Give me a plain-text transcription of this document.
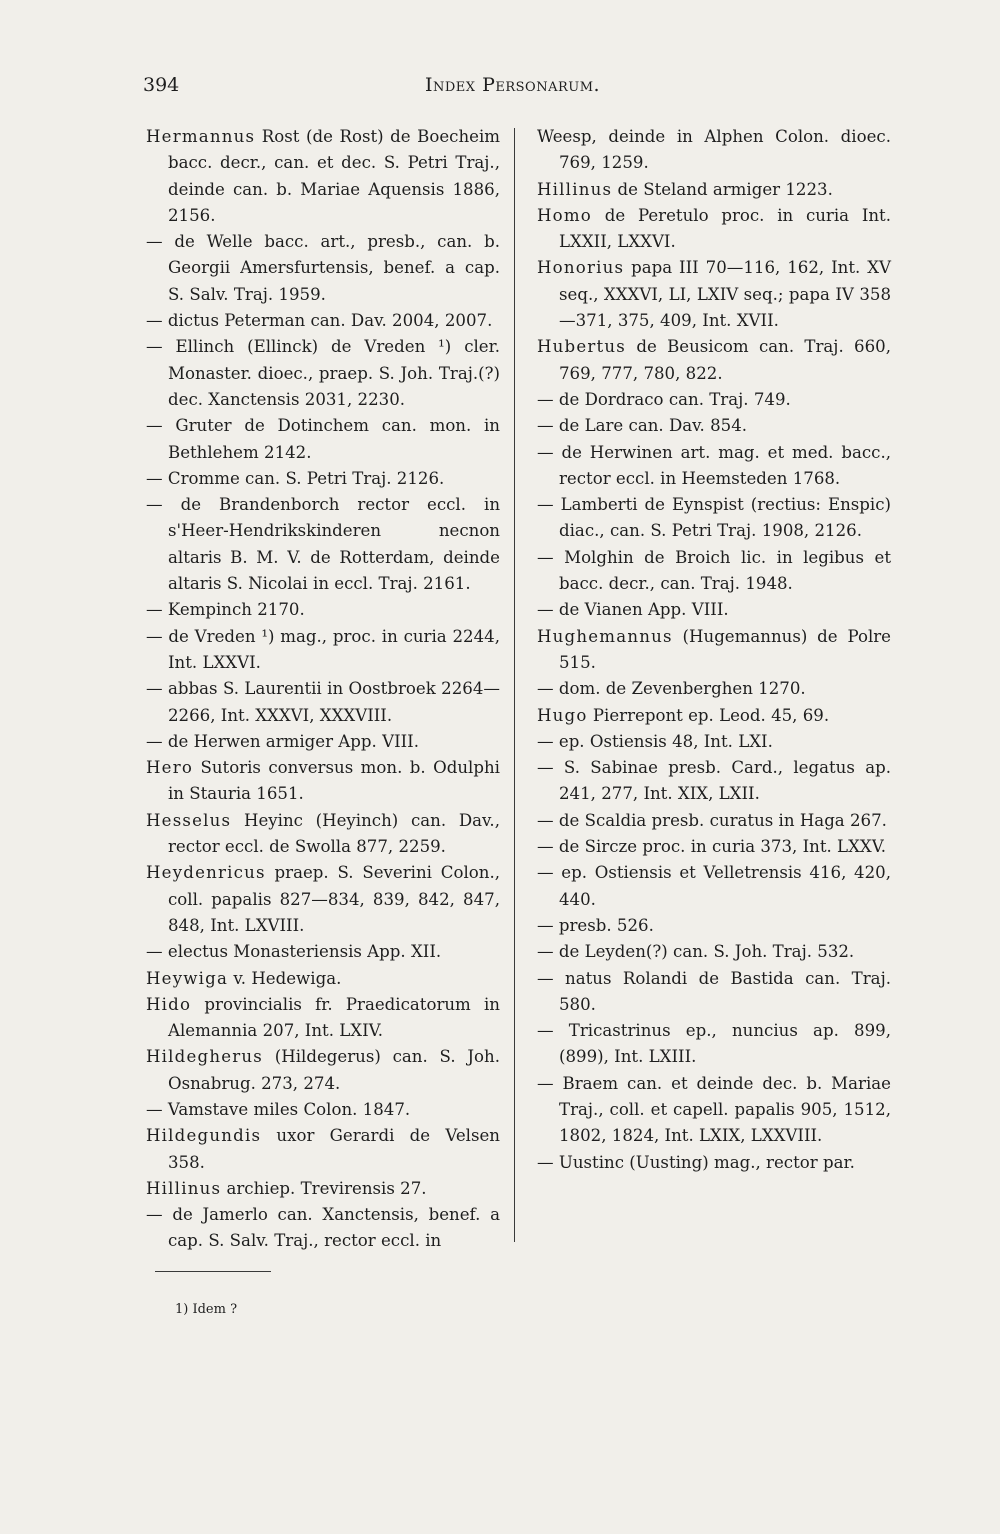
394	Index Personarum.

Hermannus Rost (de Rost) de Boecheim bacc. decr., can. et dec. S. Petri Traj., deinde can. b. Mariae Aquensis 1886, 2156.

— de Welle bacc. art., presb., can. b. Georgii Amersfurtensis, benef. a cap. S. Salv. Traj. 1959.

— dictus Peterman can. Dav. 2004, 2007.

— Ellinch (Ellinck) de Vreden ¹) cler. Monaster. dioec., praep. S. Joh. Traj.(?) dec. Xanctensis 2031, 2230.

— Gruter de Dotinchem can. mon. in Bethlehem 2142.

— Cromme can. S. Petri Traj. 2126.

— de Brandenborch rector eccl. in s'Heer-Hendrikskinderen necnon altaris B. M. V. de Rotterdam, deinde altaris S. Nicolai in eccl. Traj. 2161.

— Kempinch 2170.

— de Vreden ¹) mag., proc. in curia 2244, Int. LXXVI.

— abbas S. Laurentii in Oostbroek 2264—2266, Int. XXXVI, XXXVIII.

— de Herwen armiger App. VIII.

Hero Sutoris conversus mon. b. Odulphi in Stauria 1651.

Hesselus Heyinc (Heyinch) can. Dav., rector eccl. de Swolla 877, 2259.

Heydenricus praep. S. Severini Colon., coll. papalis 827—834, 839, 842, 847, 848, Int. LXVIII.

— electus Monasteriensis App. XII.

Heywiga v. Hedewiga.

Hido provincialis fr. Praedicatorum in Alemannia 207, Int. LXIV.

Hildegherus (Hildegerus) can. S. Joh. Osnabrug. 273, 274.

— Vamstave miles Colon. 1847.

Hildegundis uxor Gerardi de Velsen 358.

Hillinus archiep. Trevirensis 27.

— de Jamerlo can. Xanctensis, benef. a cap. S. Salv. Traj., rector eccl. in

Weesp, deinde in Alphen Colon. dioec. 769, 1259.

Hillinus de Steland armiger 1223.

Homo de Peretulo proc. in curia Int. LXXII, LXXVI.

Honorius papa III 70—116, 162, Int. XV seq., XXXVI, LI, LXIV seq.; papa IV 358—371, 375, 409, Int. XVII.

Hubertus de Beusicom can. Traj. 660, 769, 777, 780, 822.

— de Dordraco can. Traj. 749.

— de Lare can. Dav. 854.

— de Herwinen art. mag. et med. bacc., rector eccl. in Heemsteden 1768.

— Lamberti de Eynspist (rectius: Enspic) diac., can. S. Petri Traj. 1908, 2126.

— Molghin de Broich lic. in legibus et bacc. decr., can. Traj. 1948.

— de Vianen App. VIII.

Hughemannus (Hugemannus) de Polre 515.

— dom. de Zevenberghen 1270.

Hugo Pierrepont ep. Leod. 45, 69.

— ep. Ostiensis 48, Int. LXI.

— S. Sabinae presb. Card., legatus ap. 241, 277, Int. XIX, LXII.

— de Scaldia presb. curatus in Haga 267.

— de Sircze proc. in curia 373, Int. LXXV.

— ep. Ostiensis et Velletrensis 416, 420, 440.

— presb. 526.

— de Leyden(?) can. S. Joh. Traj. 532.

— natus Rolandi de Bastida can. Traj. 580.

— Tricastrinus ep., nuncius ap. 899, (899), Int. LXIII.

— Braem can. et deinde dec. b. Mariae Traj., coll. et capell. papalis 905, 1512, 1802, 1824, Int. LXIX, LXXVIII.

— Uustinc (Uusting) mag., rector par.

1) Idem ?
